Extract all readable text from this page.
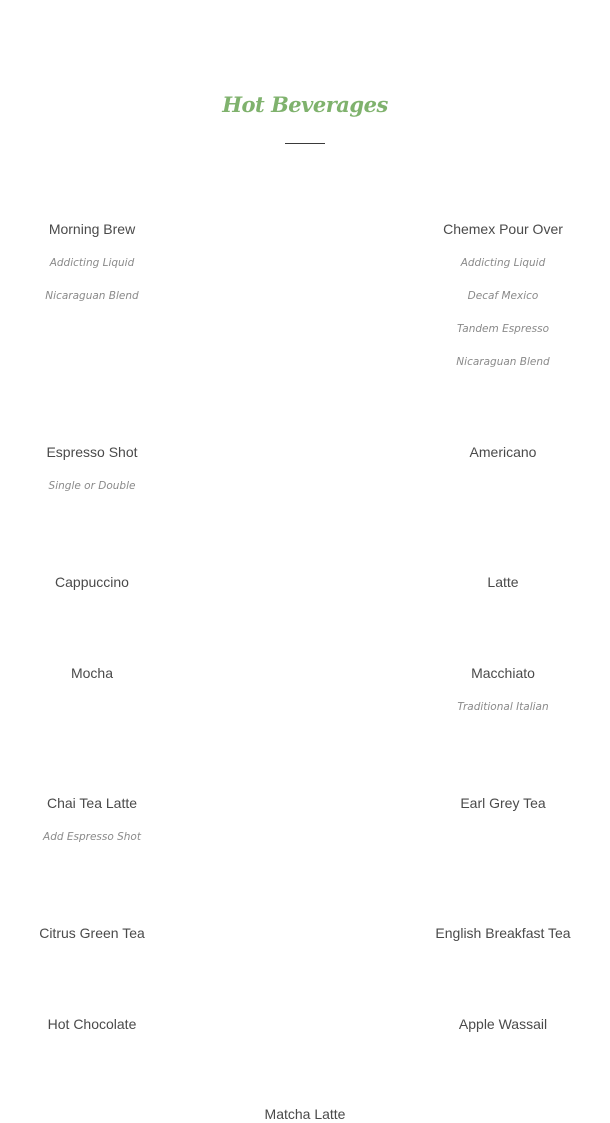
Hot Beverages
Morning Brew
Addicting Liquid
Nicaraguan Blend
Chemex Pour Over
Addicting Liquid
Decaf Mexico
Tandem Espresso
Nicaraguan Blend
Espresso Shot
Single or Double
Americano
Cappuccino	Latte
Mocha	Macchiato
Traditional Italian
Chai Tea Latte
Add Espresso Shot
Earl Grey Tea
Citrus Green Tea	English Breakfast Tea
Hot Chocolate	Apple Wassail
Matcha Latte
